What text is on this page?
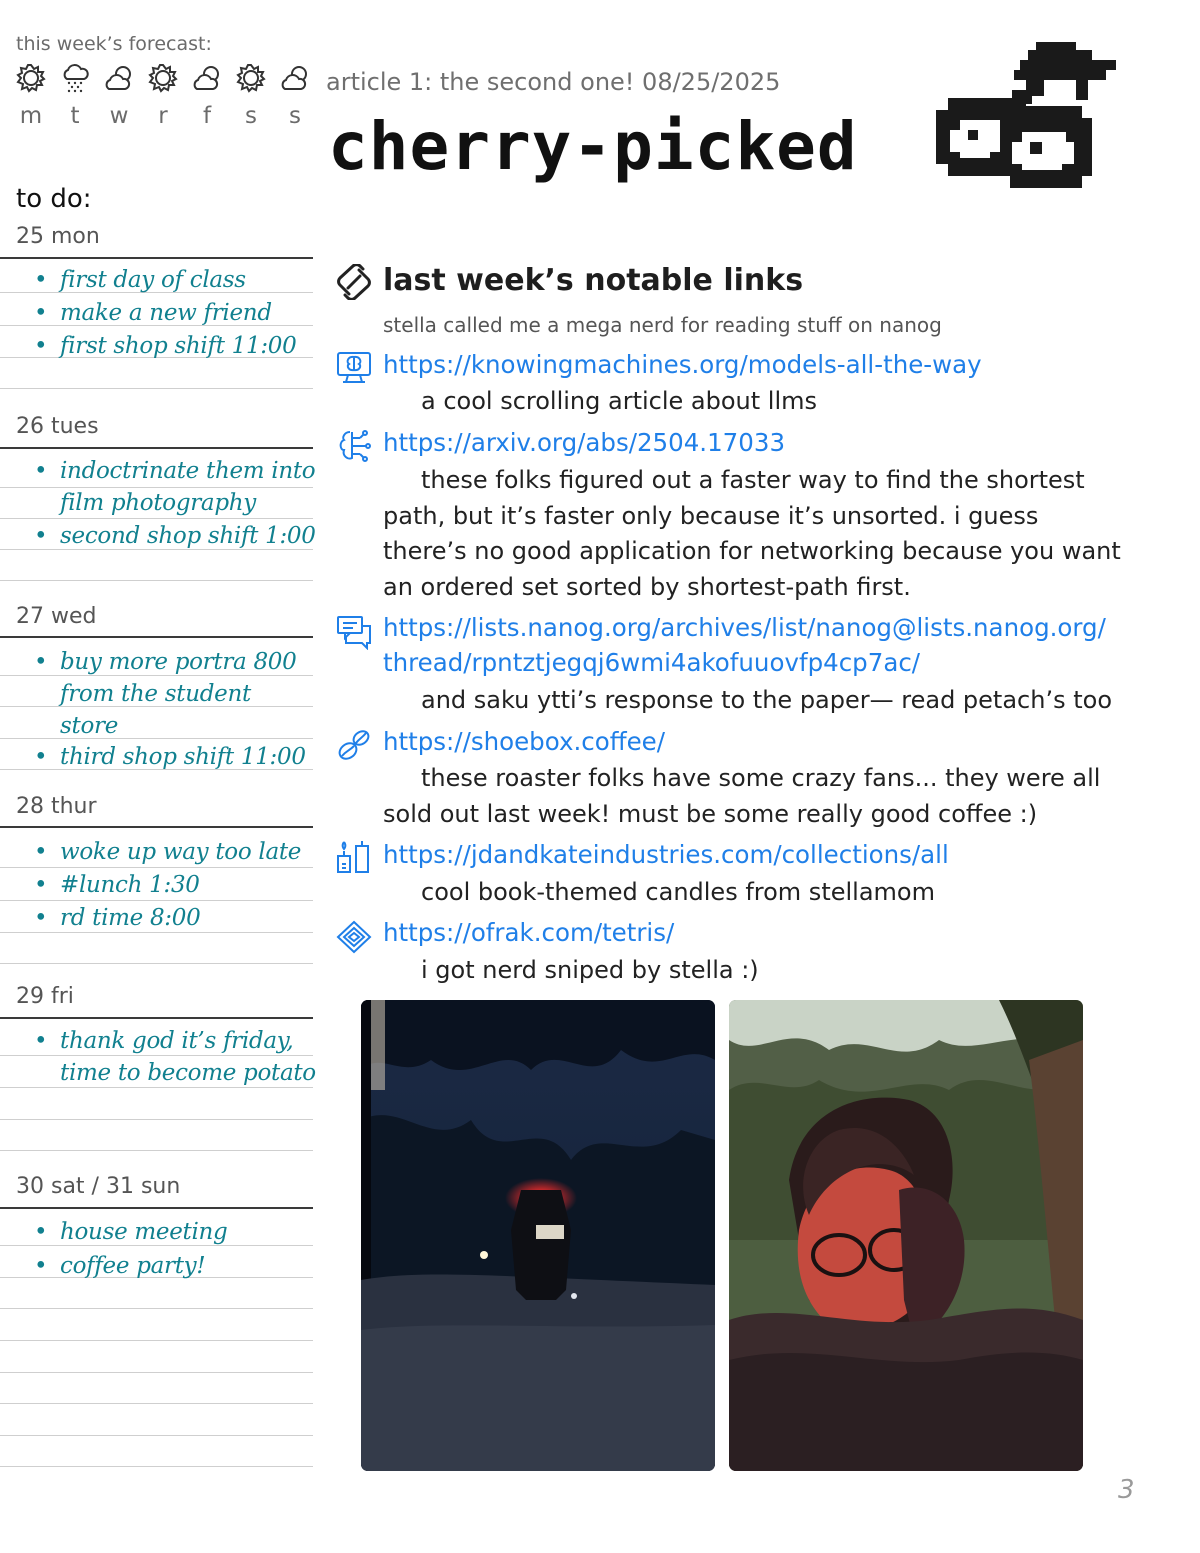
this week’s forecast:
m	t	w	r	f	s	s
article 1: the second one! 08/25/2025
cherry-picked
to do:
25 mon
• first day of class
• make a new friend
• first shop shift 11:00
26 tues
• indoctrinate them into
film photography
• second shop shift 1:00
27 wed
• buy more portra 800
from the student
store
• third shop shift 11:00
28 thur
• woke up way too late
• #lunch 1:30
• rd time 8:00
29 fri
• thank god it’s friday,
time to become potato
30 sat / 31 sun
• house meeting
• coffee party!
last week’s notable links
stella called me a mega nerd for reading stuff on nanog
https://knowingmachines.org/models-all-the-way
a cool scrolling article about llms
https://arxiv.org/abs/2504.17033
these folks figured out a faster way to find the shortest path, but it’s faster only because it’s unsorted. i guess there’s no good application for networking because you want an ordered set sorted by shortest-path first.
https://lists.nanog.org/archives/list/nanog@lists.nanog.org/
thread/rpntztjegqj6wmi4akofuuovfp4cp7ac/
and saku ytti’s response to the paper— read petach’s too
https://shoebox.coffee/
these roaster folks have some crazy fans... they were all sold out last week! must be some really good coffee :)
https://jdandkateindustries.com/collections/all
cool book-themed candles from stellamom
https://ofrak.com/tetris/
i got nerd sniped by stella :)
3
